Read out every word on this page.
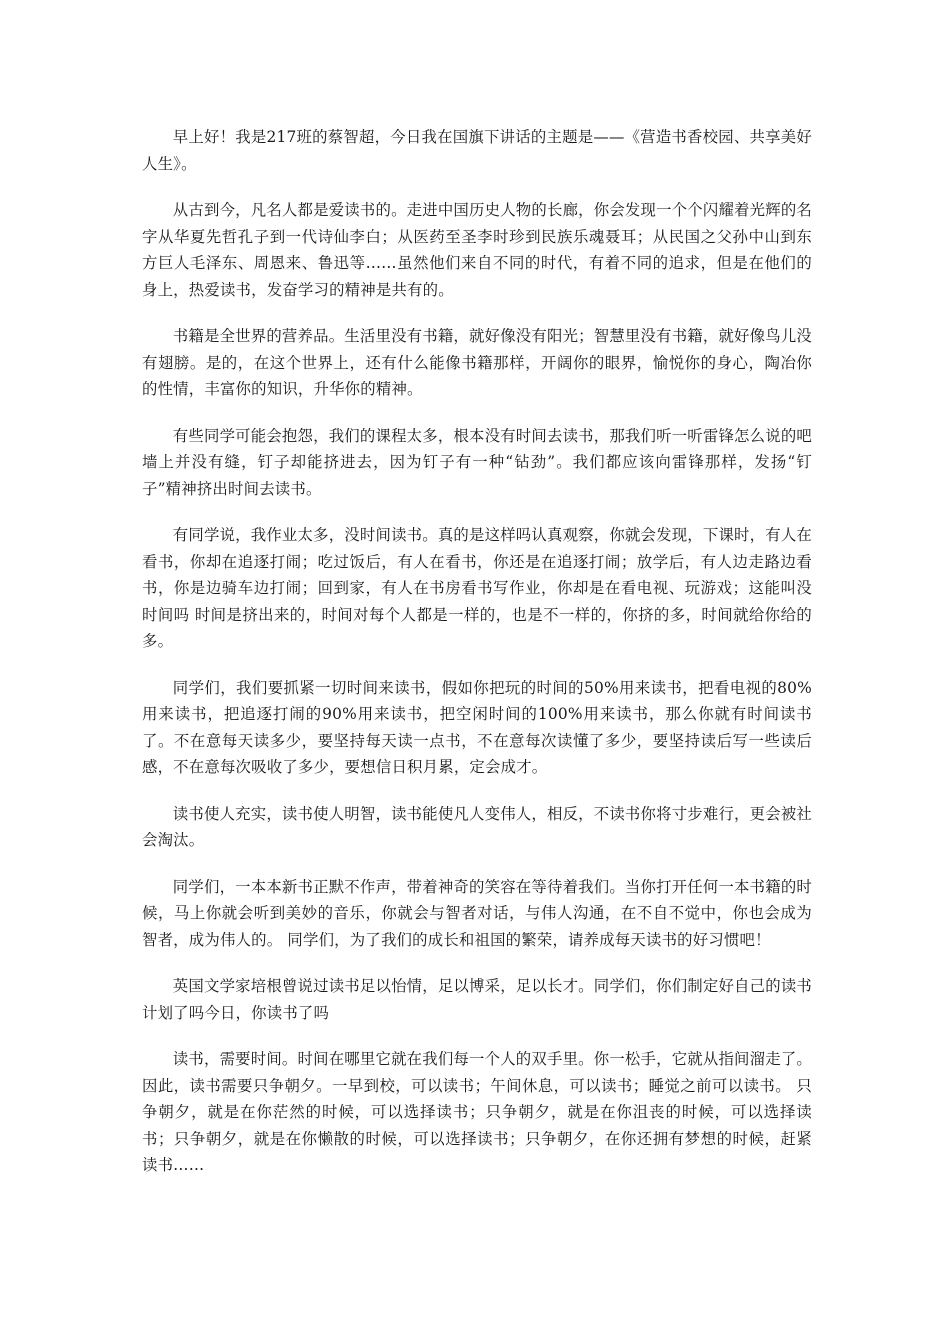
早上好！我是217班的蔡智超，今日我在国旗下讲话的主题是——《营造书香校园、共享美好人生》。

从古到今，凡名人都是爱读书的。走进中国历史人物的长廊，你会发现一个个闪耀着光辉的名字从华夏先哲孔子到一代诗仙李白；从医药至圣李时珍到民族乐魂聂耳；从民国之父孙中山到东方巨人毛泽东、周恩来、鲁迅等……虽然他们来自不同的时代，有着不同的追求，但是在他们的身上，热爱读书，发奋学习的精神是共有的。

书籍是全世界的营养品。生活里没有书籍，就好像没有阳光；智慧里没有书籍，就好像鸟儿没有翅膀。是的，在这个世界上，还有什么能像书籍那样，开阔你的眼界，愉悦你的身心，陶冶你的性情，丰富你的知识，升华你的精神。

有些同学可能会抱怨，我们的课程太多，根本没有时间去读书，那我们听一听雷锋怎么说的吧墙上并没有缝，钉子却能挤进去，因为钉子有一种“钻劲”。我们都应该向雷锋那样，发扬“钉子”精神挤出时间去读书。

有同学说，我作业太多，没时间读书。真的是这样吗认真观察，你就会发现，下课时，有人在看书，你却在追逐打闹；吃过饭后，有人在看书，你还是在追逐打闹；放学后，有人边走路边看书，你是边骑车边打闹；回到家，有人在书房看书写作业，你却是在看电视、玩游戏；这能叫没时间吗 时间是挤出来的，时间对每个人都是一样的，也是不一样的，你挤的多，时间就给你给的多。

同学们，我们要抓紧一切时间来读书，假如你把玩的时间的50%用来读书，把看电视的80%用来读书，把追逐打闹的90%用来读书，把空闲时间的100%用来读书，那么你就有时间读书了。不在意每天读多少，要坚持每天读一点书，不在意每次读懂了多少，要坚持读后写一些读后感，不在意每次吸收了多少，要想信日积月累，定会成才。

读书使人充实，读书使人明智，读书能使凡人变伟人，相反，不读书你将寸步难行，更会被社会淘汰。

同学们，一本本新书正默不作声，带着神奇的笑容在等待着我们。当你打开任何一本书籍的时候，马上你就会听到美妙的音乐，你就会与智者对话，与伟人沟通，在不自不觉中，你也会成为智者，成为伟人的。 同学们，为了我们的成长和祖国的繁荣，请养成每天读书的好习惯吧！

英国文学家培根曾说过读书足以怡情，足以博采，足以长才。同学们，你们制定好自己的读书计划了吗今日，你读书了吗

读书，需要时间。时间在哪里它就在我们每一个人的双手里。你一松手，它就从指间溜走了。 因此，读书需要只争朝夕。一早到校，可以读书；午间休息，可以读书；睡觉之前可以读书。 只争朝夕，就是在你茫然的时候，可以选择读书；只争朝夕，就是在你沮丧的时候，可以选择读书；只争朝夕，就是在你懒散的时候，可以选择读书；只争朝夕，在你还拥有梦想的时候，赶紧读书……
